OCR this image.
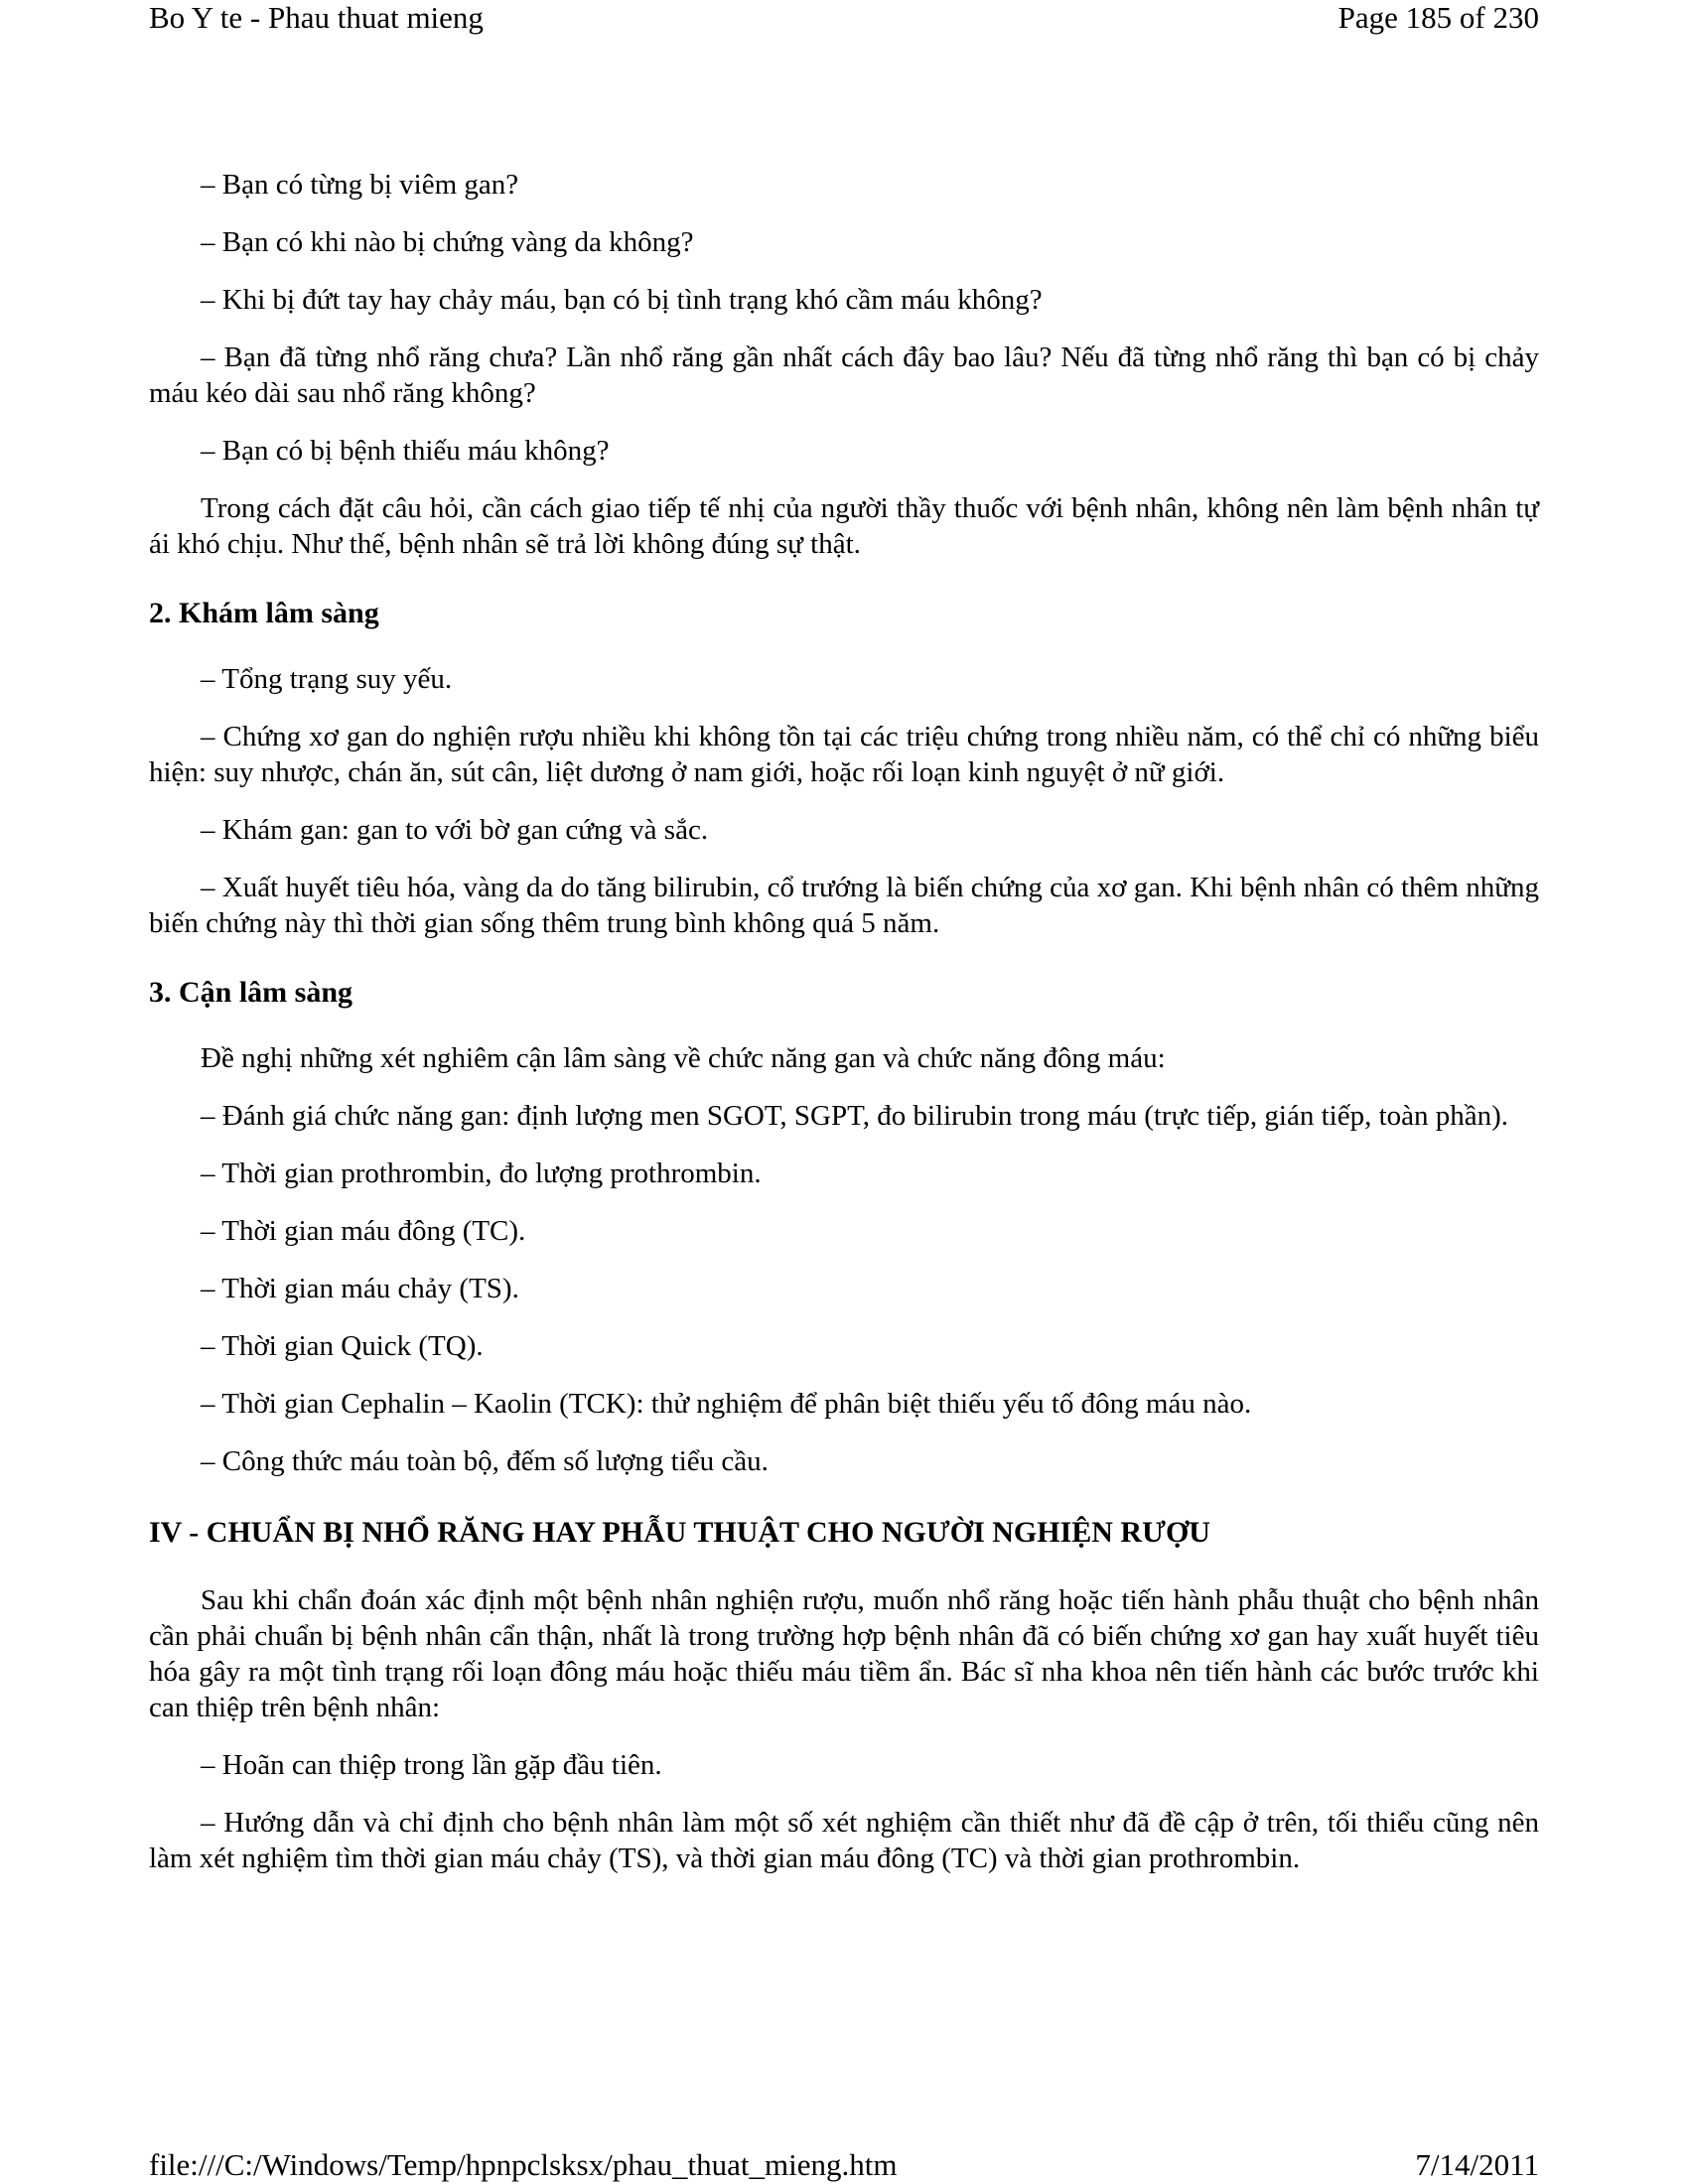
Bo Y te - Phau thuat mieng	Page 185 of 230

– Bạn có từng bị viêm gan?

– Bạn có khi nào bị chứng vàng da không?

– Khi bị đứt tay hay chảy máu, bạn có bị tình trạng khó cầm máu không?

– Bạn đã từng nhổ răng chưa? Lần nhổ răng gần nhất cách đây bao lâu? Nếu đã từng nhổ răng thì bạn có bị chảy máu kéo dài sau nhổ răng không?

– Bạn có bị bệnh thiếu máu không?

Trong cách đặt câu hỏi, cần cách giao tiếp tế nhị của người thầy thuốc với bệnh nhân, không nên làm bệnh nhân tự ái khó chịu. Như thế, bệnh nhân sẽ trả lời không đúng sự thật.

2. Khám lâm sàng

– Tổng trạng suy yếu.

– Chứng xơ gan do nghiện rượu nhiều khi không tồn tại các triệu chứng trong nhiều năm, có thể chỉ có những biểu hiện: suy nhược, chán ăn, sút cân, liệt dương ở nam giới, hoặc rối loạn kinh nguyệt ở nữ giới.

– Khám gan: gan to với bờ gan cứng và sắc.

– Xuất huyết tiêu hóa, vàng da do tăng bilirubin, cổ trướng là biến chứng của xơ gan. Khi bệnh nhân có thêm những biến chứng này thì thời gian sống thêm trung bình không quá 5 năm.

3. Cận lâm sàng

Đề nghị những xét nghiêm cận lâm sàng về chức năng gan và chức năng đông máu:

– Đánh giá chức năng gan: định lượng men SGOT, SGPT, đo bilirubin trong máu (trực tiếp, gián tiếp, toàn phần).

– Thời gian prothrombin, đo lượng prothrombin.

– Thời gian máu đông (TC).

– Thời gian máu chảy (TS).

– Thời gian Quick (TQ).

– Thời gian Cephalin – Kaolin (TCK): thử nghiệm để phân biệt thiếu yếu tố đông máu nào.

– Công thức máu toàn bộ, đếm số lượng tiểu cầu.

IV - CHUẨN BỊ NHỔ RĂNG HAY PHẪU THUẬT CHO NGƯỜI NGHIỆN RƯỢU

Sau khi chẩn đoán xác định một bệnh nhân nghiện rượu, muốn nhổ răng hoặc tiến hành phẫu thuật cho bệnh nhân cần phải chuẩn bị bệnh nhân cẩn thận, nhất là trong trường hợp bệnh nhân đã có biến chứng xơ gan hay xuất huyết tiêu hóa gây ra một tình trạng rối loạn đông máu hoặc thiếu máu tiềm ẩn. Bác sĩ nha khoa nên tiến hành các bước trước khi can thiệp trên bệnh nhân:

– Hoãn can thiệp trong lần gặp đầu tiên.

– Hướng dẫn và chỉ định cho bệnh nhân làm một số xét nghiệm cần thiết như đã đề cập ở trên, tối thiểu cũng nên làm xét nghiệm tìm thời gian máu chảy (TS), và thời gian máu đông (TC) và thời gian prothrombin.

file:///C:/Windows/Temp/hpnpclsksx/phau_thuat_mieng.htm	7/14/2011
